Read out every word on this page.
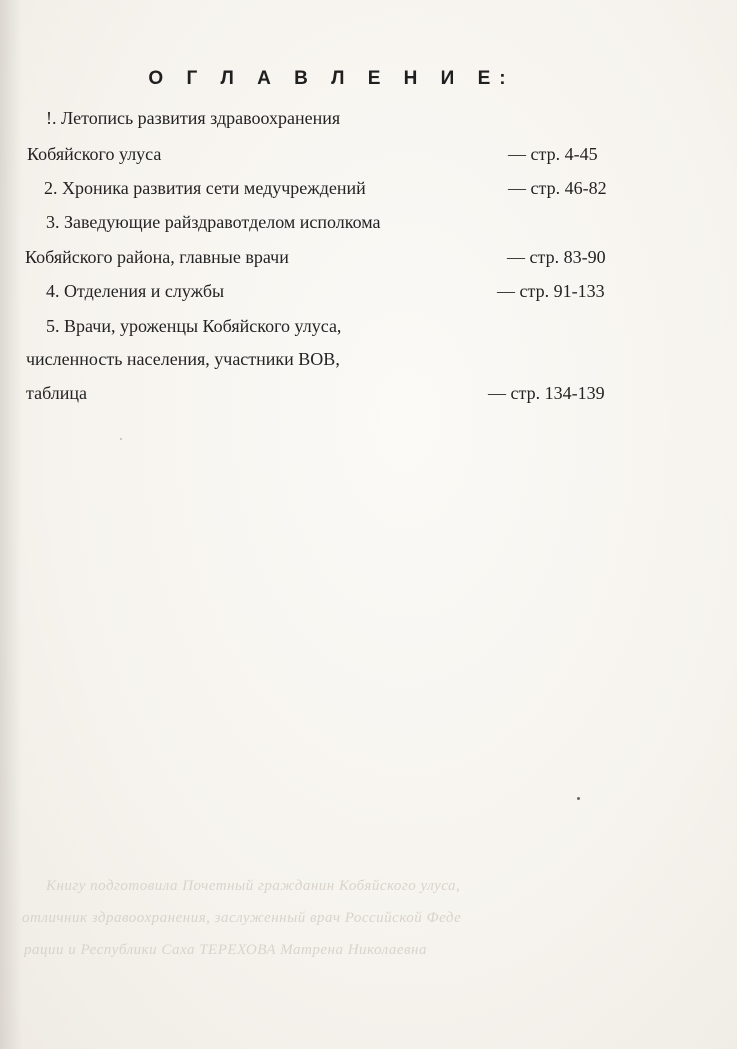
О Г Л А В Л Е Н И Е:
!. Летопись развития здравоохранения
Кобяйского улуса	— стр. 4-45
2. Хроника развития сети медучреждений	— стр. 46-82
3. Заведующие райздравотделом исполкома
Кобяйского района, главные врачи	— стр. 83-90
4. Отделения и службы	— стр. 91-133
5. Врачи, уроженцы Кобяйского улуса,
численность населения, участники ВОВ,
таблица	— стр. 134-139
Книгу подготовила Почетный гражданин Кобяйского улуса,
отличник здравоохранения, заслуженный врач Российской Феде
рации и Республики Саха ТЕРЕХОВА Матрена Николаевна
